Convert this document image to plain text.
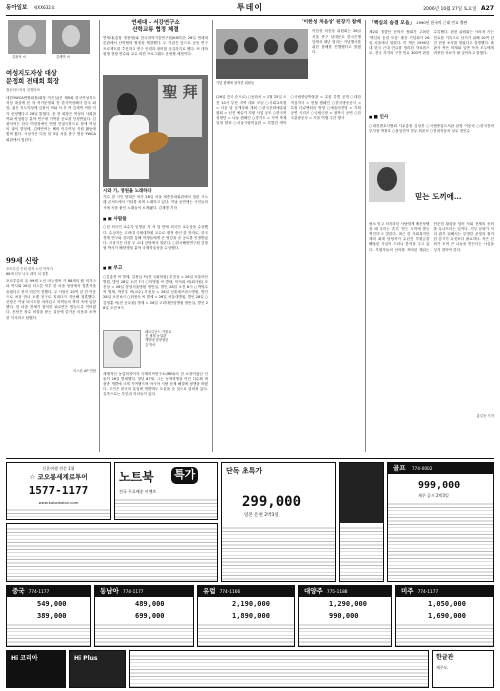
동아일보 제XX632호	투데이	2006년 10월 27일 토요일 A27
김광석 씨	김세연 씨
여성지도자상 대상
문정희 전태희 회장
철공처드리상 김정미씨
대한YWCA연합회장(회장 이은실)은 제9회 한국여성지도자상 대상에 문 학 작가문정희 전 한국여성해사 한국 회장, 젊은 지도자상에 김광석 씨와 서 부 여 김세연 씨를 각각 선정했다고 26일 밝혔다. 문 전 회장은 여성의 사회참여와 양성평등 분야 연구에 기여한 공로를 인정받았다. 김광석씨는 한국 여성장애인 연합 인권국장으로 장애 여성의 권익 향상에, 김세연씨는 해외 이주여성 지원 활동에 힘써 왔다. 시상식은 다음 달 3일 서울 중구 명동 YWCA회관에서 열린다.
99세 신랑
포르투갈 은퇴 겸직 노인 이야기
88세 신부 나무 데미 치 결혼
포르투갈의 올 99세 노인 마누엘씨 가 88세의 팔 어거스타 여사와 26일 리스본 북부 한 마을 성당에서 결혼식을 올렸다고 현지 언론이 전했다. 두 사람은 20여 년 전 이웃으로 처음 만나 오랜 친구로 지내다가 지난해 청혼했다. 신랑은 이날 턱시도를 차려입고 하객들의 축하 속에 입장했다. 한 마을 전체가 참석한 피로연은 밤늦도록 이어졌다. 신랑은 장수 비결을 묻는 질문에 즐거운 마음과 소박한 식사라고 답했다.
리스본 AP 연합
연세대 - 서강연구소
산학교류 협정 체결
연세대(총장 정창영)와 한국과학기술연구원(KIST)은 26일 연세대 본관에서 산학협력 협정을 체결했다. 두 기관은 앞으로 공동 연구 프로젝트를 추진하고 연구 인력과 장비를 공유하기로 했다. 또 대학원생 현장 연수와 교수 파견 프로그램도 운영할 예정이다.
聖 拜
시와 가, 영원을 노래하다
가수 겸 시인 양희은 씨가 26일 서울 세종문화회관에서 열린 시노래 콘서트에서 기타를 치며 노래하고 있다. 이날 공연에는 시인들의 시에 곡을 붙인 노래들이 소개됐다. 김재명 기자
■ ▣ 사람들
○한 외국인 교수가 임명된 지 석 달 만에 외국인 교수상을 수상했다. 수상자는 고려대 국제대학원 교수로 재직 중인 한 학자로, 한국 경제 연구와 강의를 통해 학생들에게 큰 영감을 준 공로를 인정받았다. 시상식은 다음 주 교내 강당에서 열린다. ○한국해양연구원 김창형 박사가 해양생물 분야 국제학술상을 수상했다.
■ ▣ 부고
○김홍종 씨 별세, 김정일 씨(전 국회의원) 부친상 = 26일 서울아산병원, 발인 28일 오전 7시 ○이병철 씨 별세, 이석희 씨(회사원) 모친상 = 26일 삼성서울병원 영안실, 발인 28일 오전 8시 ○박영수 씨 별세, 박진우 씨(교수) 부친상 = 26일 신촌세브란스병원, 발인 28일 오전 6시 ○최정숙 씨 별세 = 26일 서울대병원, 발인 28일 ○김영훈 씨(전 공무원) 별세 = 26일 고려대안암병원 영안실, 발인 28일 오전 9시
페르디난드 카를로
전 세계 농업관
개발에 앞장섰던
김 박사
세계적인 농업학자이자 국제미작연구소(IRRI)의 전 소장이었던 인물이 26일 별세했다. 향년 87세. 그는 녹색혁명을 이끈 다수확 벼 품종 개발에 크게 기여했으며 아시아 식량 문제 해결에 평생을 바쳤다. 고인은 한국의 통일벼 개발에도 도움을 준 것으로 알려져 있다. 유족으로는 부인과 자녀들이 있다.
'이한성 처음상' 된장기 참배
이한성 처음상 위원회는 26일 서울 중구 남대문로 한국은행 앞에서 매년 열리는 기념행사를 위한 참배를 진행했다고 밝혔다.
기념 참배에 참석한 위원들
(26일 전국 순으로) ○동화서 = 1월 25일 오전 10시 부산 지역 대표 모임 ○사회교육원 = 다음 달 공개강좌 개최 ○한국문화예술위원회 = 신진 예술가 지원 사업 공모 ○한국여성재단 = 나눔 캠페인 ○경기도 = 지역 축제 일정 발표 ○서울시립미술관 = 특별전 개막 ○국립중앙박물관 = 유물 특별 공개 ○대한적십자사 = 헌혈 캠페인 ○한국방송공사 = 특집 다큐멘터리 방영 ○예술의전당 = 기획공연 시리즈 ○국립극장 = 창작극 공연 ○한국관광공사 = 가을 여행 주간 행사
「핵심의 숨결 모음」 1990년 한국의 근대 민요 출판
제2회 경향단 문학가 협회가 주최한 '핵심의 숨결 모음' 출간 기념회가 26일 서울에서 열렸다. 이 책은 1990년대 한국 근대 민요를 정리한 자료집으로, 전국 각지의 구전 민요 300여 편을 수록했다. 편찬 위원회는 사라져 가는 민요를 기록으로 남기기 위해 10여 년간 현장 조사를 벌였다고 설명했다. 출판사 측은 학계와 일반 독자 모두에게 귀중한 자료가 될 것이라고 밝혔다.
■ ■ 인사
○대한변호사협회 사무총장 김성진 ○국립중앙도서관 관장 이동숙 ○한국전력 부사장 박정호 ○삼성전자 전무 최윤석 ○현대자동차 상무 정인수
믿는 도끼에…
평소 믿고 의지하던 사람에게 배신당했을 때 우리는 흔히 '믿는 도끼에 발등 찍힌다'고 말한다. 최근 한 사회복지단체의 회계 담당자가 수년간 후원금을 빼돌린 사실이 드러나 충격을 주고 있다. 후원자들의 선의를 저버린 행위는 단순한 횡령을 넘어 사회 전체의 신뢰를 무너뜨리는 일이다. 기부 문화가 자리 잡기 위해서는 투명한 운영과 철저한 감시가 무엇보다 필요하다. 작은 신뢰가 모여 큰 나눔을 만든다는 사실을 잊지 말아야 한다.
홍길동 기자
신혼여행 전문 1위
☆ 코오롱세계로투어
1577-1177
www.kolonkolon.com
노트북 특가
전국 무료배송 이벤트
단독 초특가
299,000
일본 온천 2박3일
골프 774-0002
999,000
제주 골프 2박3일
중국 774-1177
549,000
389,000
동남아 774-1177
489,000
699,000
유럽 774-1166
2,190,000
1,890,000
대양주 775-1188
1,290,000
990,000
미주 774-1177
1,050,000
1,690,000
Hi 코리아	Hi Plus	한글관
제주도
